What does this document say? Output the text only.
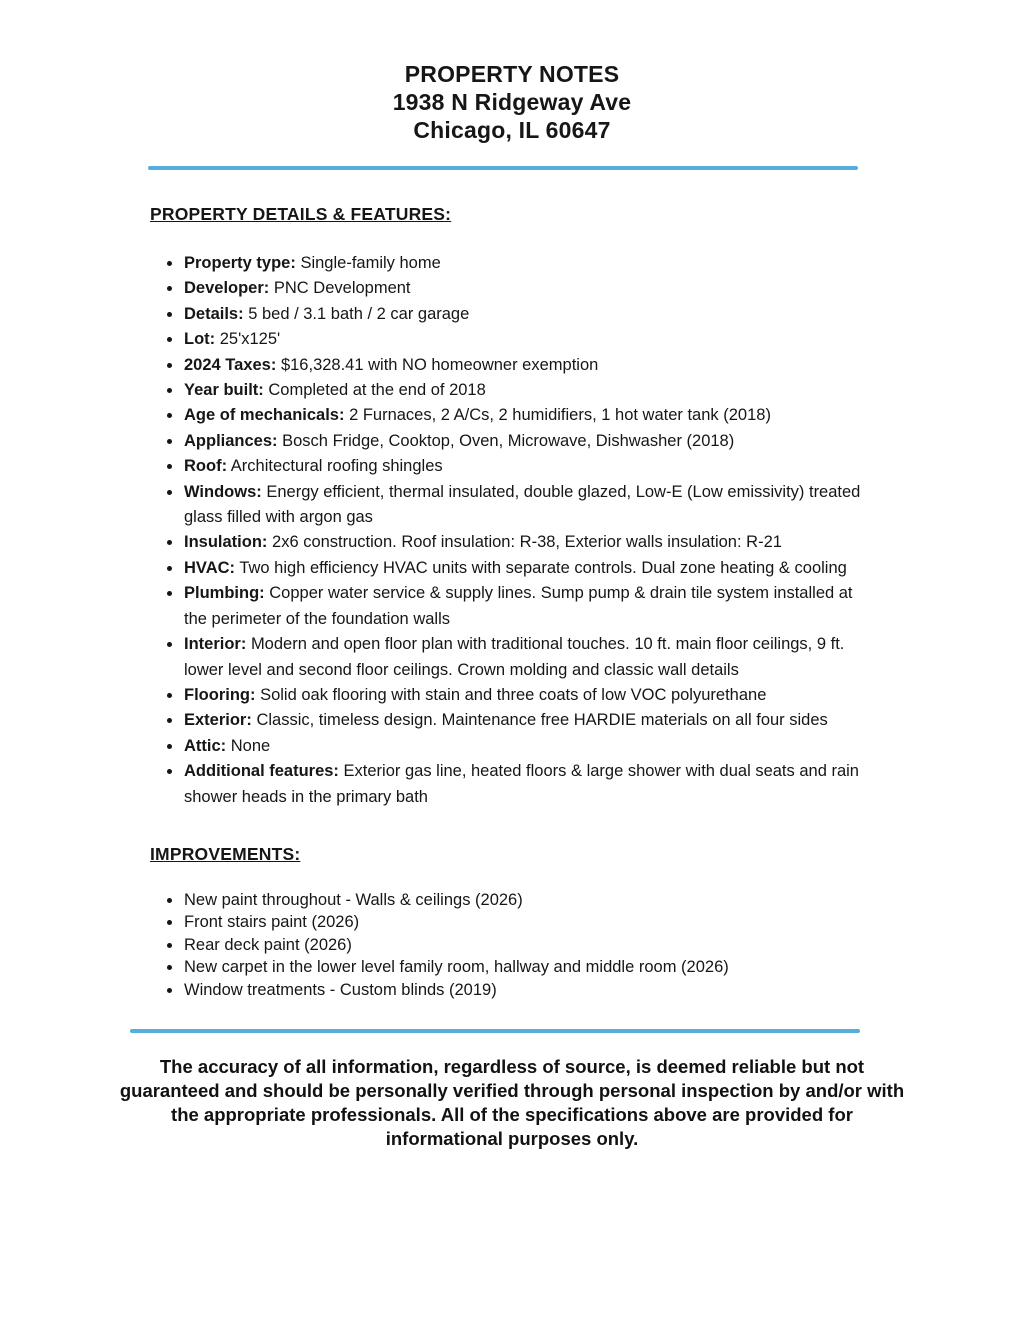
PROPERTY NOTES
1938 N Ridgeway Ave
Chicago, IL 60647
PROPERTY DETAILS & FEATURES:
• Property type: Single-family home
• Developer: PNC Development
• Details: 5 bed / 3.1 bath / 2 car garage
• Lot: 25'x125'
• 2024 Taxes: $16,328.41 with NO homeowner exemption
• Year built: Completed at the end of 2018
• Age of mechanicals: 2 Furnaces, 2 A/Cs, 2 humidifiers, 1 hot water tank (2018)
• Appliances: Bosch Fridge, Cooktop, Oven, Microwave, Dishwasher (2018)
• Roof: Architectural roofing shingles
• Windows: Energy efficient, thermal insulated, double glazed, Low-E (Low emissivity) treated glass filled with argon gas
• Insulation: 2x6 construction. Roof insulation: R-38, Exterior walls insulation: R-21
• HVAC: Two high efficiency HVAC units with separate controls. Dual zone heating & cooling
• Plumbing: Copper water service & supply lines. Sump pump & drain tile system installed at the perimeter of the foundation walls
• Interior: Modern and open floor plan with traditional touches. 10 ft. main floor ceilings, 9 ft. lower level and second floor ceilings. Crown molding and classic wall details
• Flooring: Solid oak flooring with stain and three coats of low VOC polyurethane
• Exterior: Classic, timeless design. Maintenance free HARDIE materials on all four sides
• Attic: None
• Additional features: Exterior gas line, heated floors & large shower with dual seats and rain shower heads in the primary bath
IMPROVEMENTS:
• New paint throughout - Walls & ceilings (2026)
• Front stairs paint (2026)
• Rear deck paint (2026)
• New carpet in the lower level family room, hallway and middle room (2026)
• Window treatments - Custom blinds (2019)

The accuracy of all information, regardless of source, is deemed reliable but not guaranteed and should be personally verified through personal inspection by and/or with the appropriate professionals. All of the specifications above are provided for informational purposes only.
